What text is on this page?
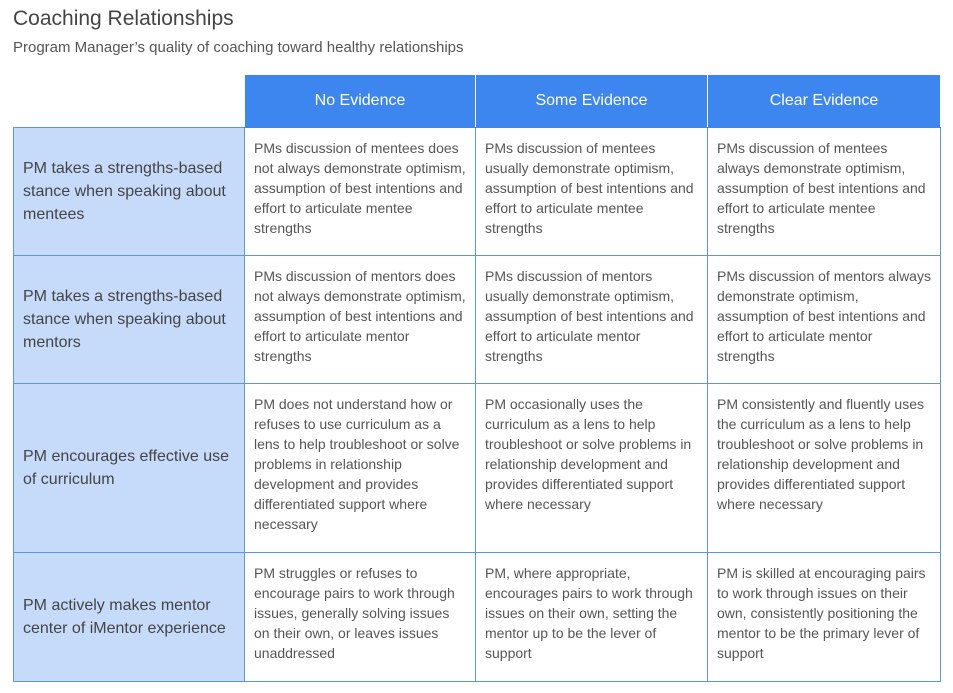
Coaching Relationships

Program Manager’s quality of coaching toward healthy relationships

	No Evidence	Some Evidence	Clear Evidence
PM takes a strengths-based stance when speaking about mentees	PMs discussion of mentees does not always demonstrate optimism, assumption of best intentions and effort to articulate mentee strengths	PMs discussion of mentees usually demonstrate optimism, assumption of best intentions and effort to articulate mentee strengths	PMs discussion of mentees always demonstrate optimism, assumption of best intentions and effort to articulate mentee strengths
PM takes a strengths-based stance when speaking about mentors	PMs discussion of mentors does not always demonstrate optimism, assumption of best intentions and effort to articulate mentor strengths	PMs discussion of mentors usually demonstrate optimism, assumption of best intentions and effort to articulate mentor strengths	PMs discussion of mentors always demonstrate optimism, assumption of best intentions and effort to articulate mentor strengths
PM encourages effective use of curriculum	PM does not understand how or refuses to use curriculum as a lens to help troubleshoot or solve problems in relationship development and provides differentiated support where necessary	PM occasionally uses the curriculum as a lens to help troubleshoot or solve problems in relationship development and provides differentiated support where necessary	PM consistently and fluently uses the curriculum as a lens to help troubleshoot or solve problems in relationship development and provides differentiated support where necessary
PM actively makes mentor center of iMentor experience	PM struggles or refuses to encourage pairs to work through issues, generally solving issues on their own, or leaves issues unaddressed	PM, where appropriate, encourages pairs to work through issues on their own, setting the mentor up to be the lever of support	PM is skilled at encouraging pairs to work through issues on their own, consistently positioning the mentor to be the primary lever of support
